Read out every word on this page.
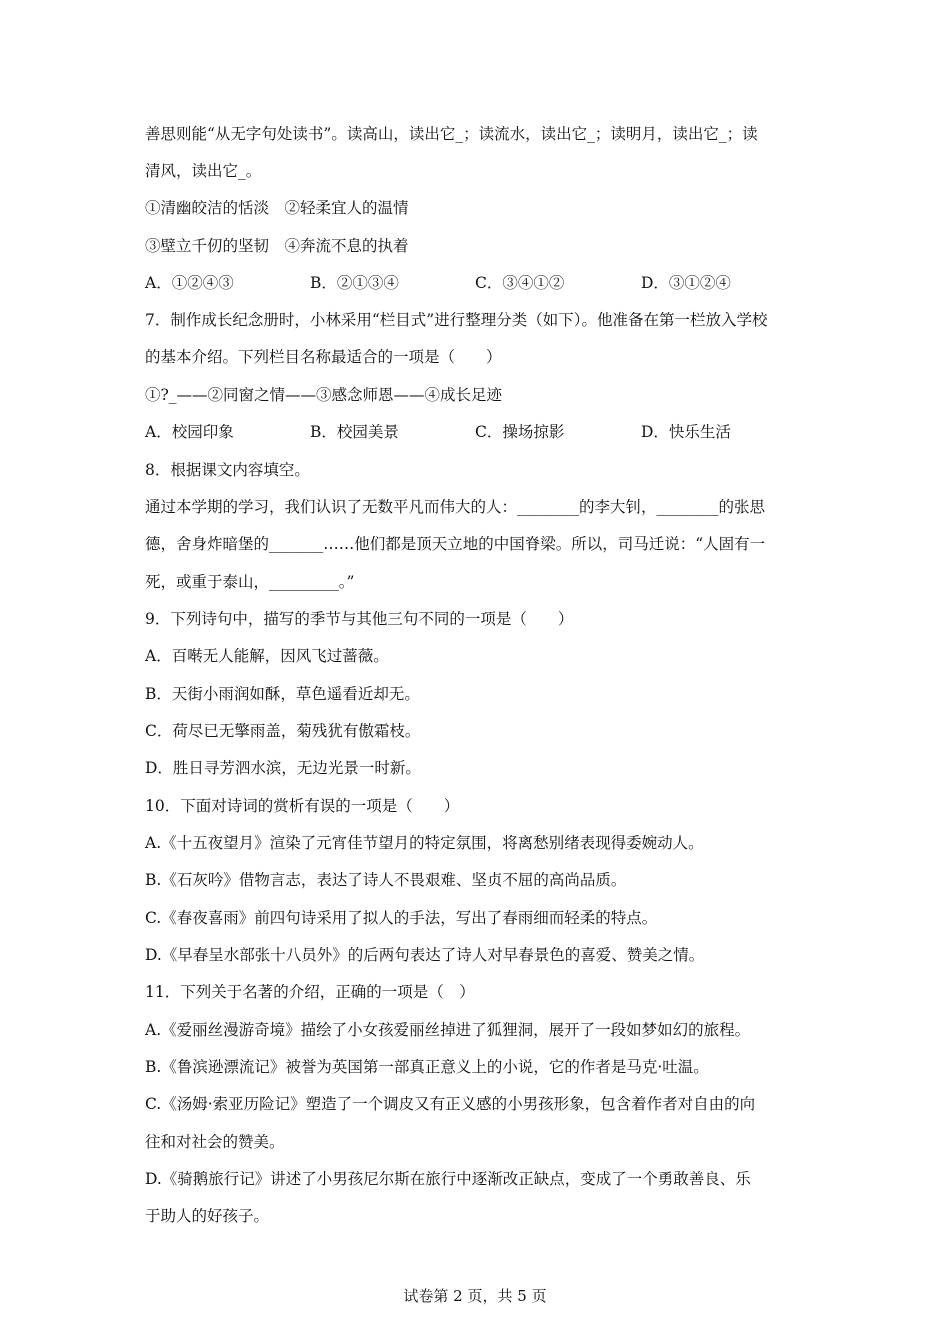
善思则能“从无字句处读书”。读高山，读出它_；读流水，读出它_；读明月，读出它_；读
清风，读出它_。
①清幽皎洁的恬淡　②轻柔宜人的温情
③壁立千仞的坚韧　④奔流不息的执着
A．①②④③	B．②①③④	C．③④①②	D．③①②④
7．制作成长纪念册时，小林采用“栏目式”进行整理分类（如下）。他准备在第一栏放入学校
的基本介绍。下列栏目名称最适合的一项是（　　）
①?_——②同窗之情——③感念师恩——④成长足迹
A．校园印象	B．校园美景	C．操场掠影	D．快乐生活
8．根据课文内容填空。
通过本学期的学习，我们认识了无数平凡而伟大的人：________的李大钊，________的张思
德，舍身炸暗堡的_______……他们都是顶天立地的中国脊梁。所以，司马迁说：“人固有一
死，或重于泰山，_________。”
9．下列诗句中，描写的季节与其他三句不同的一项是（　　）
A．百啭无人能解，因风飞过蔷薇。
B．天街小雨润如酥，草色遥看近却无。
C．荷尽已无擎雨盖，菊残犹有傲霜枝。
D．胜日寻芳泗水滨，无边光景一时新。
10．下面对诗词的赏析有误的一项是（　　）
A.《十五夜望月》渲染了元宵佳节望月的特定氛围，将离愁别绪表现得委婉动人。
B.《石灰吟》借物言志，表达了诗人不畏艰难、坚贞不屈的高尚品质。
C.《春夜喜雨》前四句诗采用了拟人的手法，写出了春雨细而轻柔的特点。
D.《早春呈水部张十八员外》的后两句表达了诗人对早春景色的喜爱、赞美之情。
11．下列关于名著的介绍，正确的一项是（　）
A.《爱丽丝漫游奇境》描绘了小女孩爱丽丝掉进了狐狸洞，展开了一段如梦如幻的旅程。
B.《鲁滨逊漂流记》被誉为英国第一部真正意义上的小说，它的作者是马克·吐温。
C.《汤姆·索亚历险记》塑造了一个调皮又有正义感的小男孩形象，包含着作者对自由的向
往和对社会的赞美。
D.《骑鹅旅行记》讲述了小男孩尼尔斯在旅行中逐渐改正缺点，变成了一个勇敢善良、乐
于助人的好孩子。
试卷第 2 页，共 5 页
